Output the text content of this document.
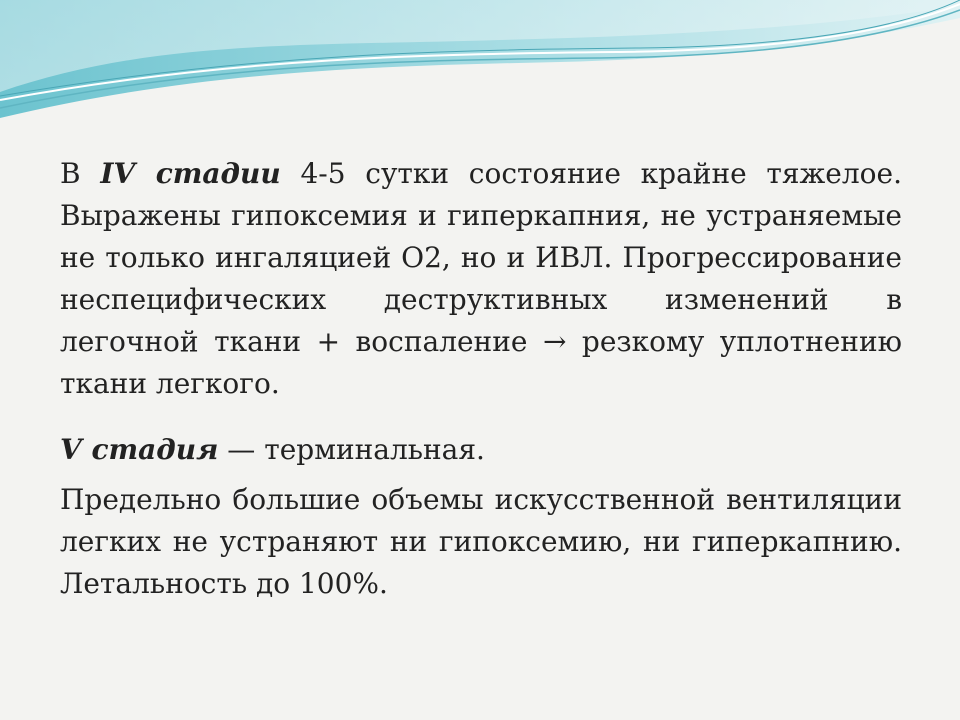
В IV стадии 4-5 сутки состояние крайне тяжелое. Выражены гипоксемия и гиперкапния, не устраняемые не только ингаляцией О2, но и ИВЛ. Прогрессирование неспецифических деструктивных изменений в легочной ткани + воспаление → резкому уплотнению ткани легкого.

V стадия — терминальная.

Предельно большие объемы искусственной вентиляции легких не устраняют ни гипоксемию, ни гиперкапнию. Летальность до 100%.
